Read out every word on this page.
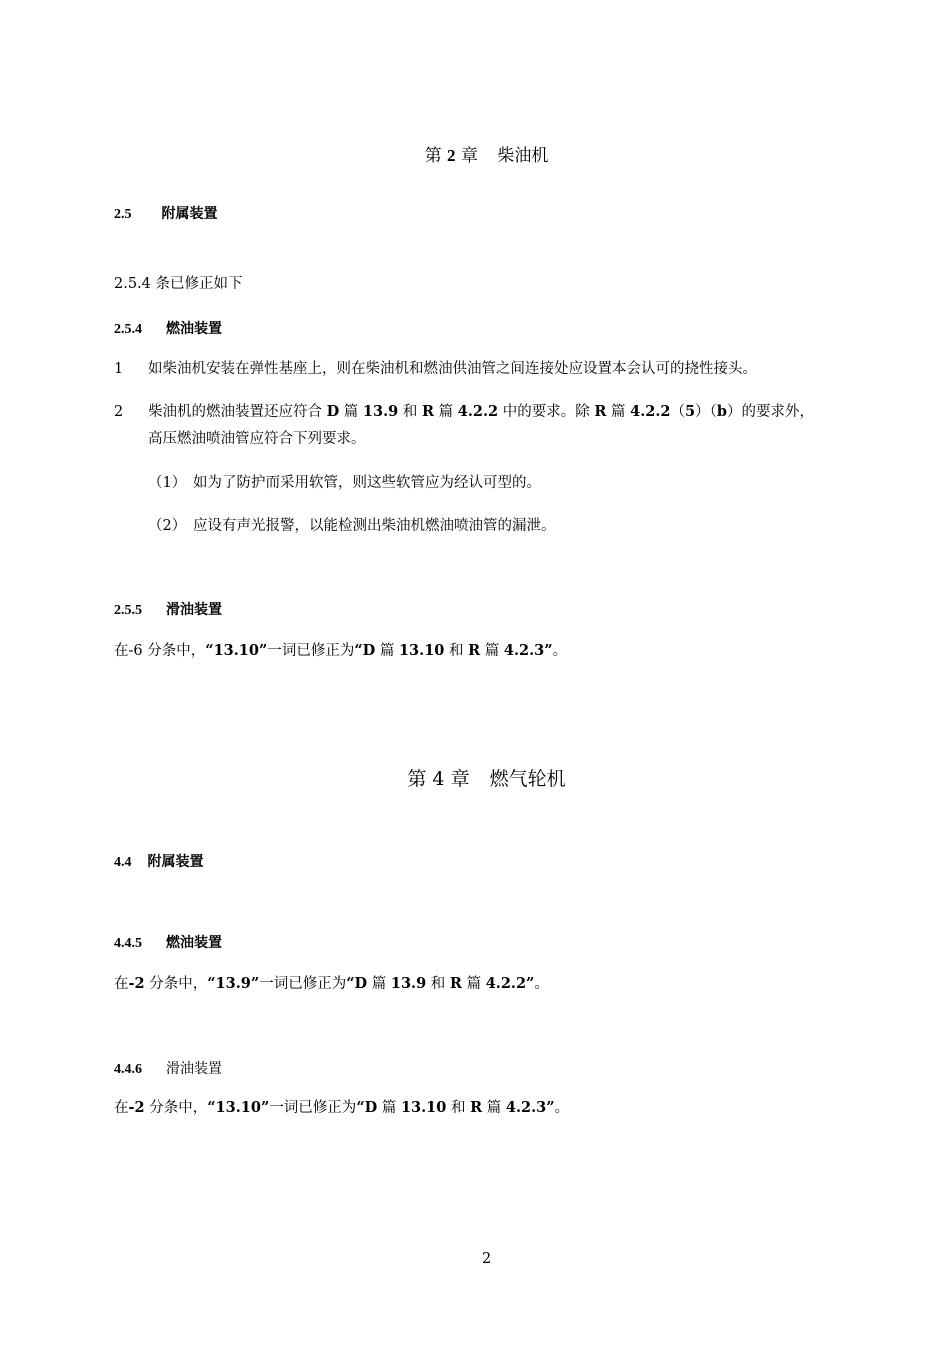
第 2 章 柴油机
2.5 附属装置
2.5.4 条已修正如下
2.5.4 燃油装置
1 如柴油机安装在弹性基座上，则在柴油机和燃油供油管之间连接处应设置本会认可的挠性接头。
2 柴油机的燃油装置还应符合 D 篇 13.9 和 R 篇 4.2.2 中的要求。除 R 篇 4.2.2（5）（b）的要求外，
高压燃油喷油管应符合下列要求。
（1） 如为了防护而采用软管，则这些软管应为经认可型的。
（2） 应设有声光报警，以能检测出柴油机燃油喷油管的漏泄。
2.5.5 滑油装置
在-6 分条中，“13.10”一词已修正为“D 篇 13.10 和 R 篇 4.2.3”。
第 4 章 燃气轮机
4.4 附属装置
4.4.5 燃油装置
在-2 分条中，“13.9”一词已修正为“D 篇 13.9 和 R 篇 4.2.2”。
4.4.6 滑油装置
在-2 分条中，“13.10”一词已修正为“D 篇 13.10 和 R 篇 4.2.3”。
2
